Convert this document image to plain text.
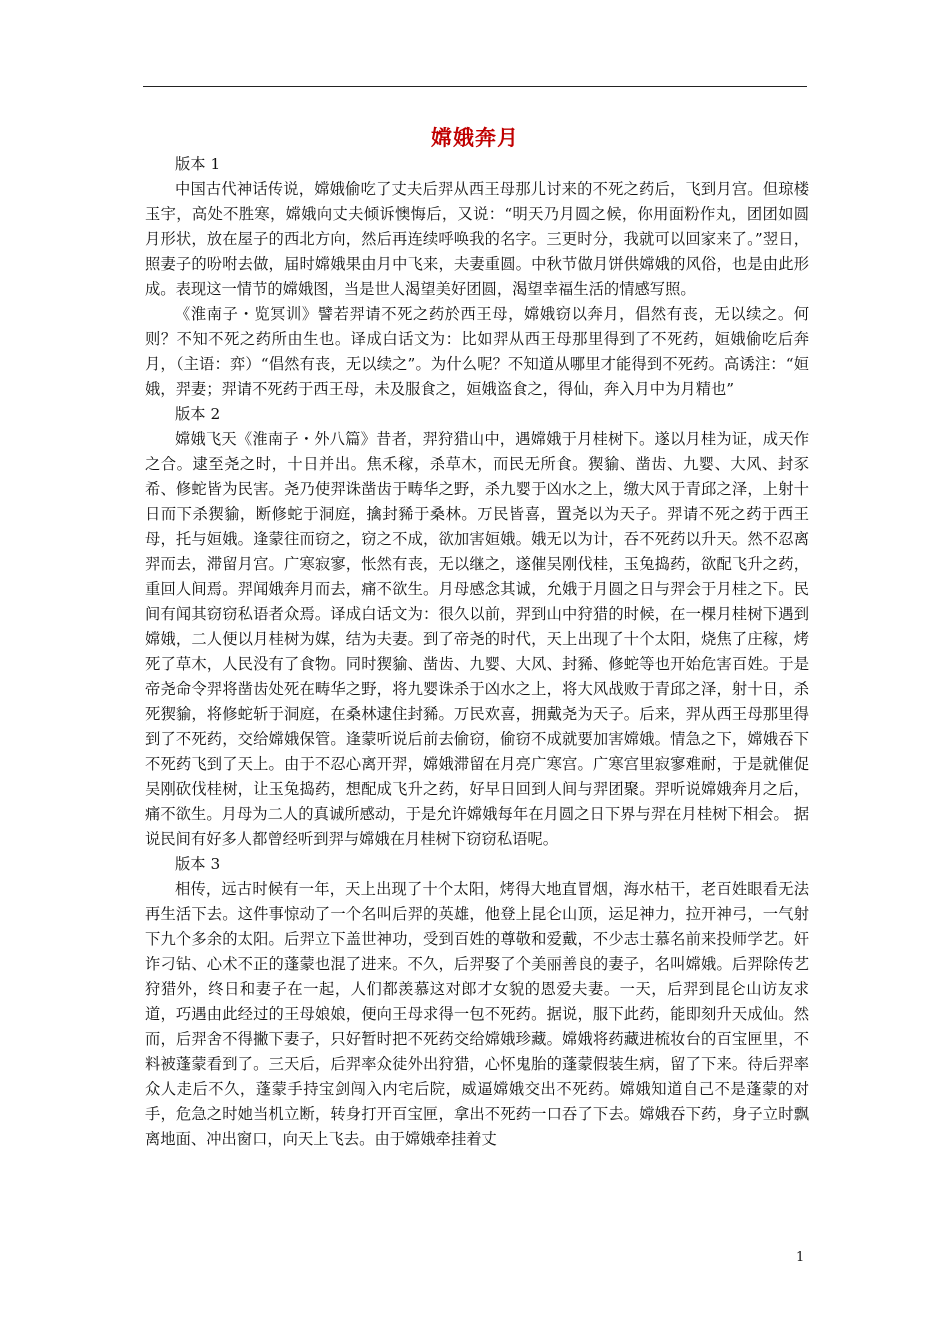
嫦娥奔月

版本 1

中国古代神话传说，嫦娥偷吃了丈夫后羿从西王母那儿讨来的不死之药后，飞到月宫。但琼楼玉宇，高处不胜寒，嫦娥向丈夫倾诉懊悔后，又说：“明天乃月圆之候，你用面粉作丸，团团如圆月形状，放在屋子的西北方向，然后再连续呼唤我的名字。三更时分，我就可以回家来了。”翌日，照妻子的吩咐去做，届时嫦娥果由月中飞来，夫妻重圆。中秋节做月饼供嫦娥的风俗，也是由此形成。表现这一情节的嫦娥图，当是世人渴望美好团圆，渴望幸福生活的情感写照。

《淮南子・览冥训》譬若羿请不死之药於西王母，嫦娥窃以奔月，倡然有丧，无以续之。何则？不知不死之药所由生也。译成白话文为：比如羿从西王母那里得到了不死药，姮娥偷吃后奔月，（主语：弈）“倡然有丧，无以续之”。为什么呢？不知道从哪里才能得到不死药。高诱注：“姮娥，羿妻；羿请不死药于西王母，未及服食之，姮娥盗食之，得仙，奔入月中为月精也”

版本 2

嫦娥飞天《淮南子・外八篇》昔者，羿狩猎山中，遇嫦娥于月桂树下。遂以月桂为证，成天作之合。逮至尧之时，十日并出。焦禾稼，杀草木，而民无所食。猰貐、凿齿、九婴、大风、封豕希、修蛇皆为民害。尧乃使羿诛凿齿于畴华之野，杀九婴于凶水之上，缴大风于青邱之泽，上射十日而下杀猰貐，断修蛇于洞庭，擒封豨于桑林。万民皆喜，置尧以为天子。羿请不死之药于西王母，托与姮娥。逢蒙往而窃之，窃之不成，欲加害姮娥。娥无以为计，吞不死药以升天。然不忍离羿而去，滞留月宫。广寒寂寥，怅然有丧，无以继之，遂催吴刚伐桂，玉兔捣药，欲配飞升之药，重回人间焉。羿闻娥奔月而去，痛不欲生。月母感念其诚，允娥于月圆之日与羿会于月桂之下。民间有闻其窃窃私语者众焉。译成白话文为：很久以前，羿到山中狩猎的时候，在一棵月桂树下遇到嫦娥，二人便以月桂树为媒，结为夫妻。到了帝尧的时代，天上出现了十个太阳，烧焦了庄稼，烤死了草木，人民没有了食物。同时猰貐、凿齿、九婴、大风、封豨、修蛇等也开始危害百姓。于是帝尧命令羿将凿齿处死在畴华之野，将九婴诛杀于凶水之上，将大风战败于青邱之泽，射十日，杀死猰貐，将修蛇斩于洞庭，在桑林逮住封豨。万民欢喜，拥戴尧为天子。后来，羿从西王母那里得到了不死药，交给嫦娥保管。逢蒙听说后前去偷窃，偷窃不成就要加害嫦娥。情急之下，嫦娥吞下不死药飞到了天上。由于不忍心离开羿，嫦娥滞留在月亮广寒宫。广寒宫里寂寥难耐，于是就催促吴刚砍伐桂树，让玉兔捣药，想配成飞升之药，好早日回到人间与羿团聚。羿听说嫦娥奔月之后，痛不欲生。月母为二人的真诚所感动，于是允许嫦娥每年在月圆之日下界与羿在月桂树下相会。 据说民间有好多人都曾经听到羿与嫦娥在月桂树下窃窃私语呢。

版本 3

相传，远古时候有一年，天上出现了十个太阳，烤得大地直冒烟，海水枯干，老百姓眼看无法再生活下去。这件事惊动了一个名叫后羿的英雄，他登上昆仑山顶，运足神力，拉开神弓，一气射下九个多余的太阳。后羿立下盖世神功，受到百姓的尊敬和爱戴，不少志士慕名前来投师学艺。奸诈刁钻、心术不正的蓬蒙也混了进来。不久，后羿娶了个美丽善良的妻子，名叫嫦娥。后羿除传艺狩猎外，终日和妻子在一起，人们都羡慕这对郎才女貌的恩爱夫妻。一天，后羿到昆仑山访友求道，巧遇由此经过的王母娘娘，便向王母求得一包不死药。据说，服下此药，能即刻升天成仙。然而，后羿舍不得撇下妻子，只好暂时把不死药交给嫦娥珍藏。嫦娥将药藏进梳妆台的百宝匣里，不料被蓬蒙看到了。三天后，后羿率众徒外出狩猎，心怀鬼胎的蓬蒙假装生病，留了下来。待后羿率众人走后不久，蓬蒙手持宝剑闯入内宅后院，威逼嫦娥交出不死药。嫦娥知道自己不是蓬蒙的对手，危急之时她当机立断，转身打开百宝匣，拿出不死药一口吞了下去。嫦娥吞下药，身子立时飘离地面、冲出窗口，向天上飞去。由于嫦娥牵挂着丈

1
